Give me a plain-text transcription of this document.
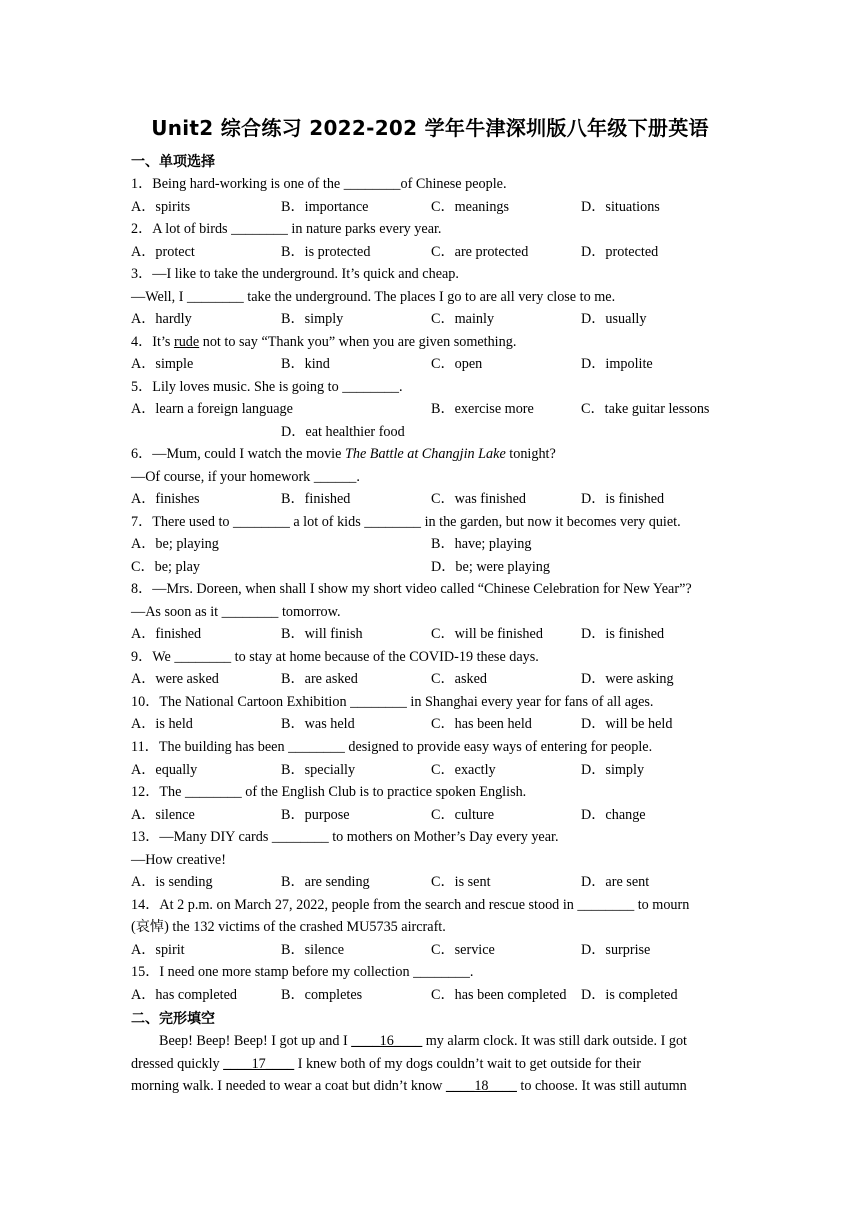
Unit2 综合练习 2022-202 学年牛津深圳版八年级下册英语
一、单项选择
1．Being hard-working is one of the ________of Chinese people.
A．spirits	B．importance	C．meanings	D．situations
2．A lot of birds ________ in nature parks every year.
A．protect	B．is protected	C．are protected	D．protected
3．—I like to take the underground. It’s quick and cheap.
—Well, I ________ take the underground. The places I go to are all very close to me.
A．hardly	B．simply	C．mainly	D．usually
4．It’s rude not to say “Thank you” when you are given something.
A．simple	B．kind	C．open	D．impolite
5．Lily loves music. She is going to ________.
A．learn a foreign language	B．exercise more	C．take guitar lessons
D．eat healthier food
6．—Mum, could I watch the movie The Battle at Changjin Lake tonight?
—Of course, if your homework ______.
A．finishes	B．finished	C．was finished	D．is finished
7．There used to ________ a lot of kids ________ in the garden, but now it becomes very quiet.
A．be; playing	B．have; playing
C．be; play	D．be; were playing
8．—Mrs. Doreen, when shall I show my short video called “Chinese Celebration for New Year”?
—As soon as it ________ tomorrow.
A．finished	B．will finish	C．will be finished	D．is finished
9．We ________ to stay at home because of the COVID-19 these days.
A．were asked	B．are asked	C．asked	D．were asking
10．The National Cartoon Exhibition ________ in Shanghai every year for fans of all ages.
A．is held	B．was held	C．has been held	D．will be held
11．The building has been ________ designed to provide easy ways of entering for people.
A．equally	B．specially	C．exactly	D．simply
12．The ________ of the English Club is to practice spoken English.
A．silence	B．purpose	C．culture	D．change
13．—Many DIY cards ________ to mothers on Mother’s Day every year.
—How creative!
A．is sending	B．are sending	C．is sent	D．are sent
14．At 2 p.m. on March 27, 2022, people from the search and rescue stood in ________ to mourn
(哀悼) the 132 victims of the crashed MU5735 aircraft.
A．spirit	B．silence	C．service	D．surprise
15．I need one more stamp before my collection ________.
A．has completed	B．completes	C．has been completed D．is completed
二、完形填空
Beep! Beep! Beep! I got up and I ____16____ my alarm clock. It was still dark outside. I got
dressed quickly ____17____ I knew both of my dogs couldn’t wait to get outside for their
morning walk. I needed to wear a coat but didn’t know ____18____ to choose. It was still autumn
